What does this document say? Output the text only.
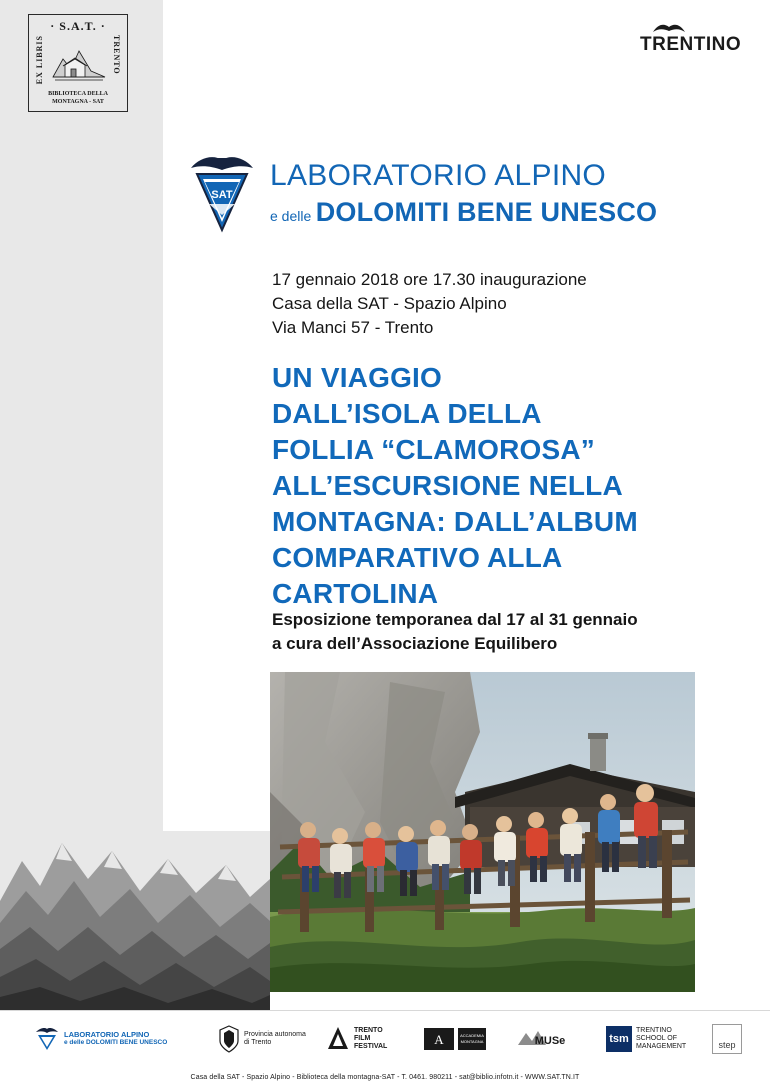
· S.A.T. ·
EX LIBRIS	TRENTO
BIBLIOTECA DELLA
MONTAGNA - SAT
TRENTINO
SAT
LABORATORIO ALPINO
e delle DOLOMITI BENE UNESCO
17 gennaio 2018 ore 17.30 inaugurazione
Casa della SAT - Spazio Alpino
Via Manci 57 - Trento
UN VIAGGIO
DALL’ISOLA DELLA
FOLLIA “CLAMOROSA”
ALL’ESCURSIONE NELLA
MONTAGNA: DALL’ALBUM
COMPARATIVO ALLA
CARTOLINA
Esposizione temporanea dal 17 al 31 gennaio
a cura dell’Associazione Equilibero
LABORATORIO ALPINO
e delle DOLOMITI BENE UNESCO
Provincia autonoma
di Trento
TRENTO
FILM
FESTIVAL	A	ACCADEMIA
MONTAGNA	MUSe	tsm
TRENTINO
SCHOOL OF
MANAGEMENT	step
Casa della SAT - Spazio Alpino - Biblioteca della montagna-SAT - T. 0461. 980211 - sat@biblio.infotn.it - WWW.SAT.TN.IT
